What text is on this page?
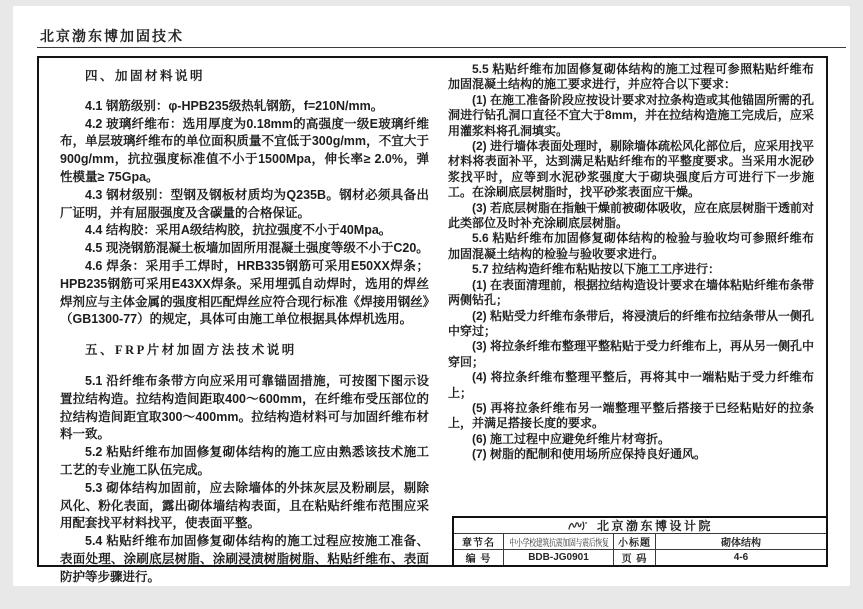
北京渤东博加固技术

四、加固材料说明

4.1 钢筋级别：φ-HPB235级热轧钢筋，f=210N/mm。

4.2 玻璃纤维布：选用厚度为0.18mm的高强度一级E玻璃纤维布，单层玻璃纤维布的单位面积质量不宜低于300g/mm，不宜大于900g/mm，抗拉强度标准值不小于1500Mpa，伸长率≥ 2.0%，弹性模量≥ 75Gpa。

4.3 钢材级别：型钢及钢板材质均为Q235B。钢材必须具备出厂证明，并有屈服强度及含碳量的合格保证。

4.4 结构胶：采用A级结构胶，抗拉强度不小于40Mpa。

4.5 现浇钢筋混凝土板墙加固所用混凝土强度等级不小于C20。

4.6 焊条：采用手工焊时，HRB335钢筋可采用E50XX焊条；HPB235钢筋可采用E43XX焊条。采用埋弧自动焊时，选用的焊丝焊剂应与主体金属的强度相匹配焊丝应符合现行标准《焊接用钢丝》（GB1300-77）的规定，具体可由施工单位根据具体焊机选用。

五、FRP片材加固方法技术说明

5.1 沿纤维布条带方向应采用可靠锚固措施，可按图下图示设置拉结构造。拉结构造间距取400～600mm，在纤维布受压部位的拉结构造间距宜取300～400mm。拉结构造材料可与加固纤维布材料一致。

5.2 粘贴纤维布加固修复砌体结构的施工应由熟悉该技术施工工艺的专业施工队伍完成。

5.3 砌体结构加固前，应去除墙体的外抹灰层及粉刷层，剔除风化、粉化表面，露出砌体墙结构表面，且在粘贴纤维布范围应采用配套找平材料找平，使表面平整。

5.4 粘贴纤维布加固修复砌体结构的施工过程应按施工准备、表面处理、涂刷底层树脂、涂刷浸渍树脂树脂、粘贴纤维布、表面防护等步骤进行。

5.5 粘贴纤维布加固修复砌体结构的施工过程可参照粘贴纤维布加固混凝土结构的施工要求进行，并应符合以下要求：

(1) 在施工准备阶段应按设计要求对拉条构造或其他锚固所需的孔洞进行钻孔洞口直径不宜大于8mm，并在拉结构造施工完成后，应采用灌浆料将孔洞填实。

(2) 进行墙体表面处理时，剔除墙体疏松风化部位后，应采用找平材料将表面补平，达到满足粘贴纤维布的平整度要求。当采用水泥砂浆找平时，应等到水泥砂浆强度大于砌块强度后方可进行下一步施工。在涂刷底层树脂时，找平砂浆表面应干燥。

(3) 若底层树脂在指触干燥前被砌体吸收，应在底层树脂干透前对此类部位及时补充涂刷底层树脂。

5.6 粘贴纤维布加固修复砌体结构的检验与验收均可参照纤维布加固混凝土结构的检验与验收要求进行。

5.7 拉结构造纤维布粘贴按以下施工工序进行：

(1) 在表面清理前，根据拉结构造设计要求在墙体粘贴纤维布条带两侧钻孔；

(2) 粘贴受力纤维布条带后，将浸渍后的纤维布拉结条带从一侧孔中穿过；

(3) 将拉条纤维布整理平整粘贴于受力纤维布上，再从另一侧孔中穿回；

(4) 将拉条纤维布整理平整后，再将其中一端粘贴于受力纤维布上；

(5) 再将拉条纤维布另一端整理平整后搭接于已经粘贴好的拉条上，并满足搭接长度的要求。

(6) 施工过程中应避免纤维片材弯折。

(7) 树脂的配制和使用场所应保持良好通风。

北京渤东博设计院
章节名	中小学校建筑抗震加固与震后恢复 小标题	砌体结构
编 号	BDB-JG0901	页 码	4-6
